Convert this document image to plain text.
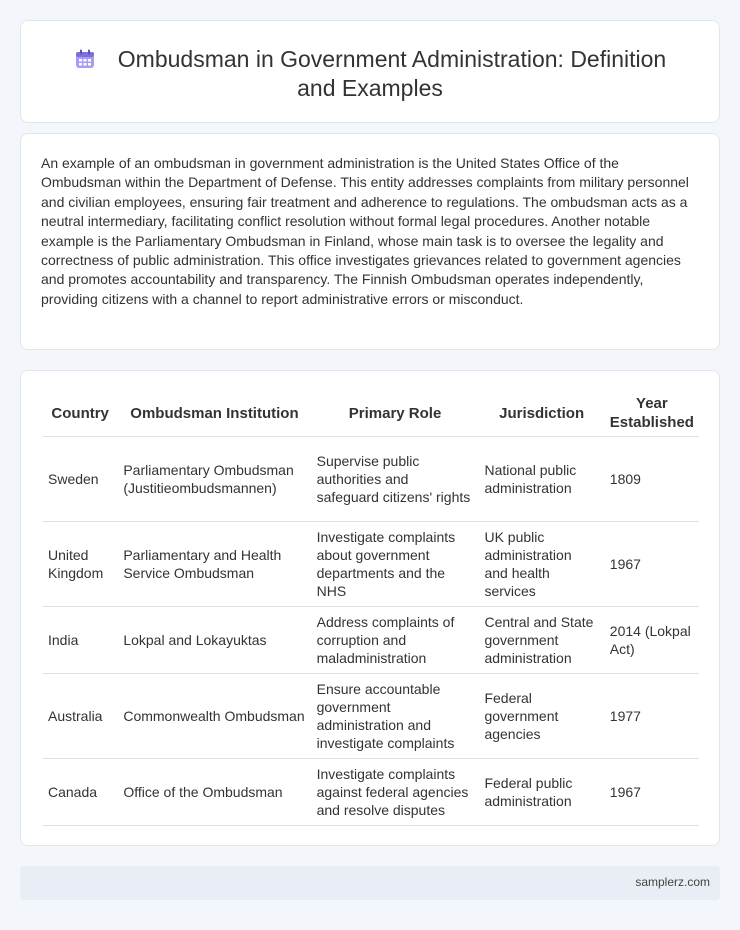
Ombudsman in Government Administration: Definition and Examples

An example of an ombudsman in government administration is the United States Office of the Ombudsman within the Department of Defense. This entity addresses complaints from military personnel and civilian employees, ensuring fair treatment and adherence to regulations. The ombudsman acts as a neutral intermediary, facilitating conflict resolution without formal legal procedures. Another notable example is the Parliamentary Ombudsman in Finland, whose main task is to oversee the legality and correctness of public administration. This office investigates grievances related to government agencies and promotes accountability and transparency. The Finnish Ombudsman operates independently, providing citizens with a channel to report administrative errors or misconduct.

Country	Ombudsman Institution	Primary Role	Jurisdiction	Year Established
Sweden	Parliamentary Ombudsman (Justitieombudsmannen)	Supervise public authorities and safeguard citizens' rights	National public administration	1809
United Kingdom	Parliamentary and Health Service Ombudsman	Investigate complaints about government departments and the NHS	UK public administration and health services	1967
India	Lokpal and Lokayuktas	Address complaints of corruption and maladministration	Central and State government administration	2014 (Lokpal Act)
Australia	Commonwealth Ombudsman	Ensure accountable government administration and investigate complaints	Federal government agencies	1977
Canada	Office of the Ombudsman	Investigate complaints against federal agencies and resolve disputes	Federal public administration	1967
samplerz.com
